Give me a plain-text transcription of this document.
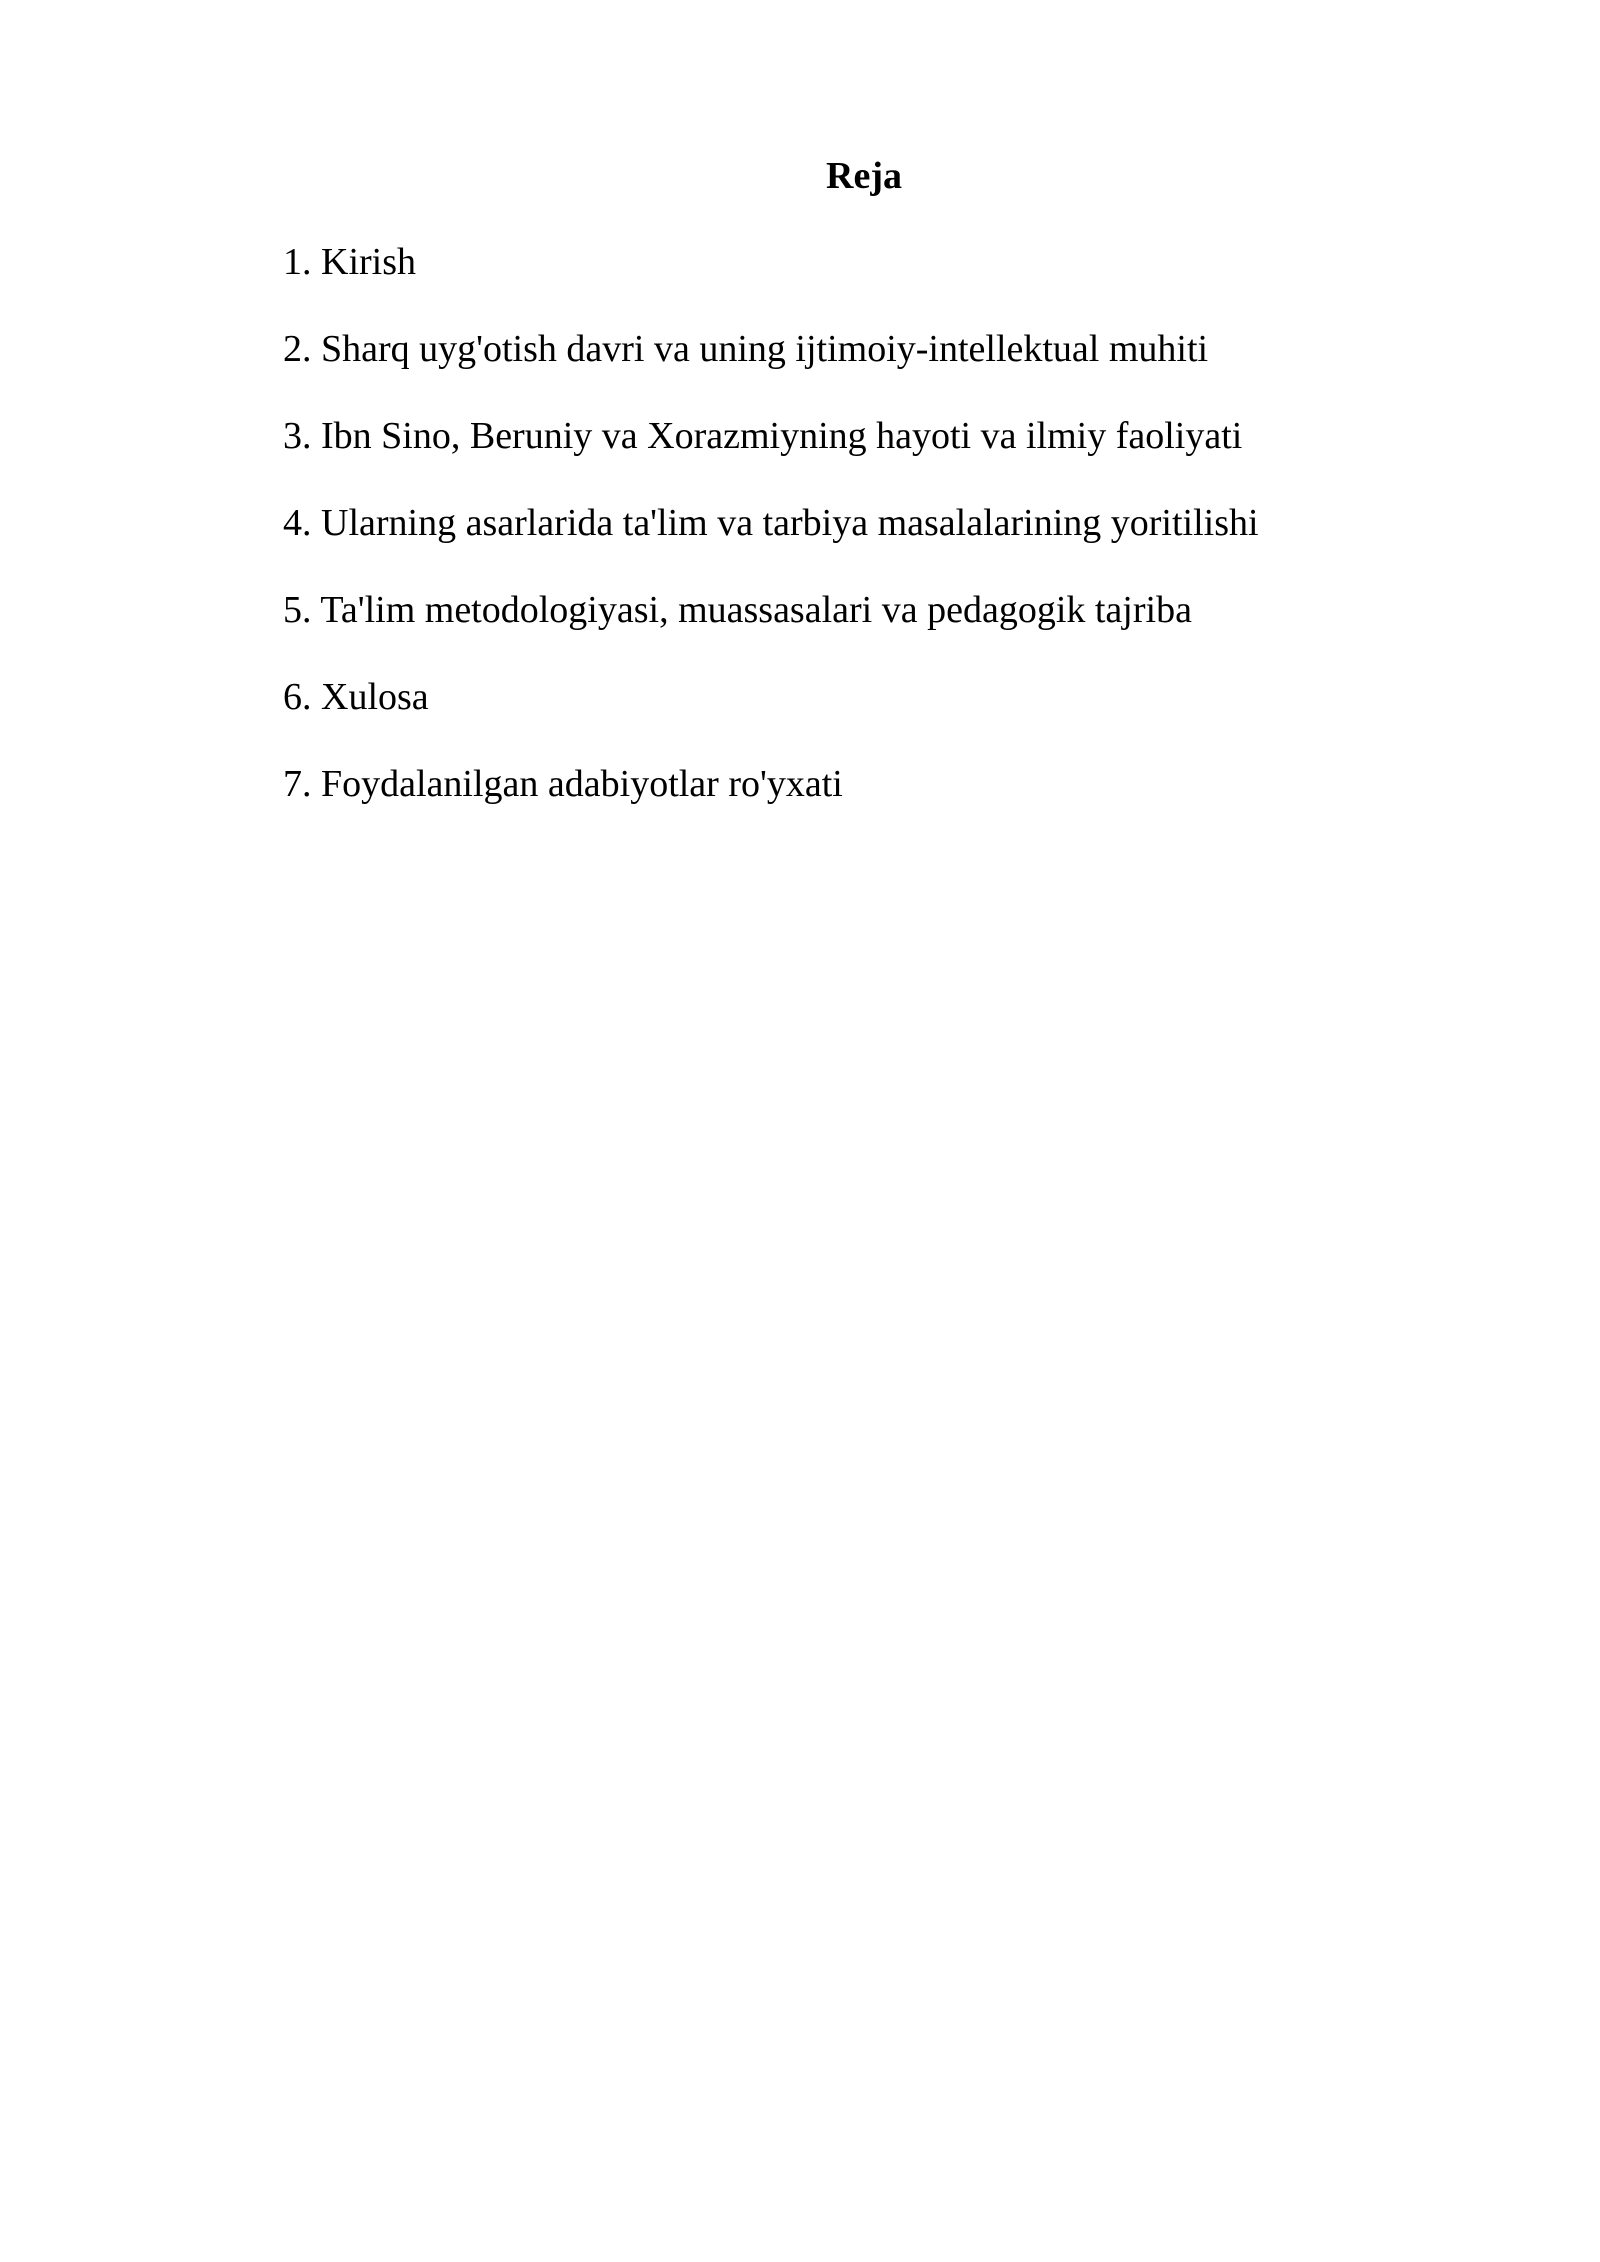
Reja
1. Kirish
2. Sharq uyg'otish davri va uning ijtimoiy-intellektual muhiti
3. Ibn Sino, Beruniy va Xorazmiyning hayoti va ilmiy faoliyati
4. Ularning asarlarida ta'lim va tarbiya masalalarining yoritilishi
5. Ta'lim metodologiyasi, muassasalari va pedagogik tajriba
6. Xulosa
7. Foydalanilgan adabiyotlar ro'yxati
